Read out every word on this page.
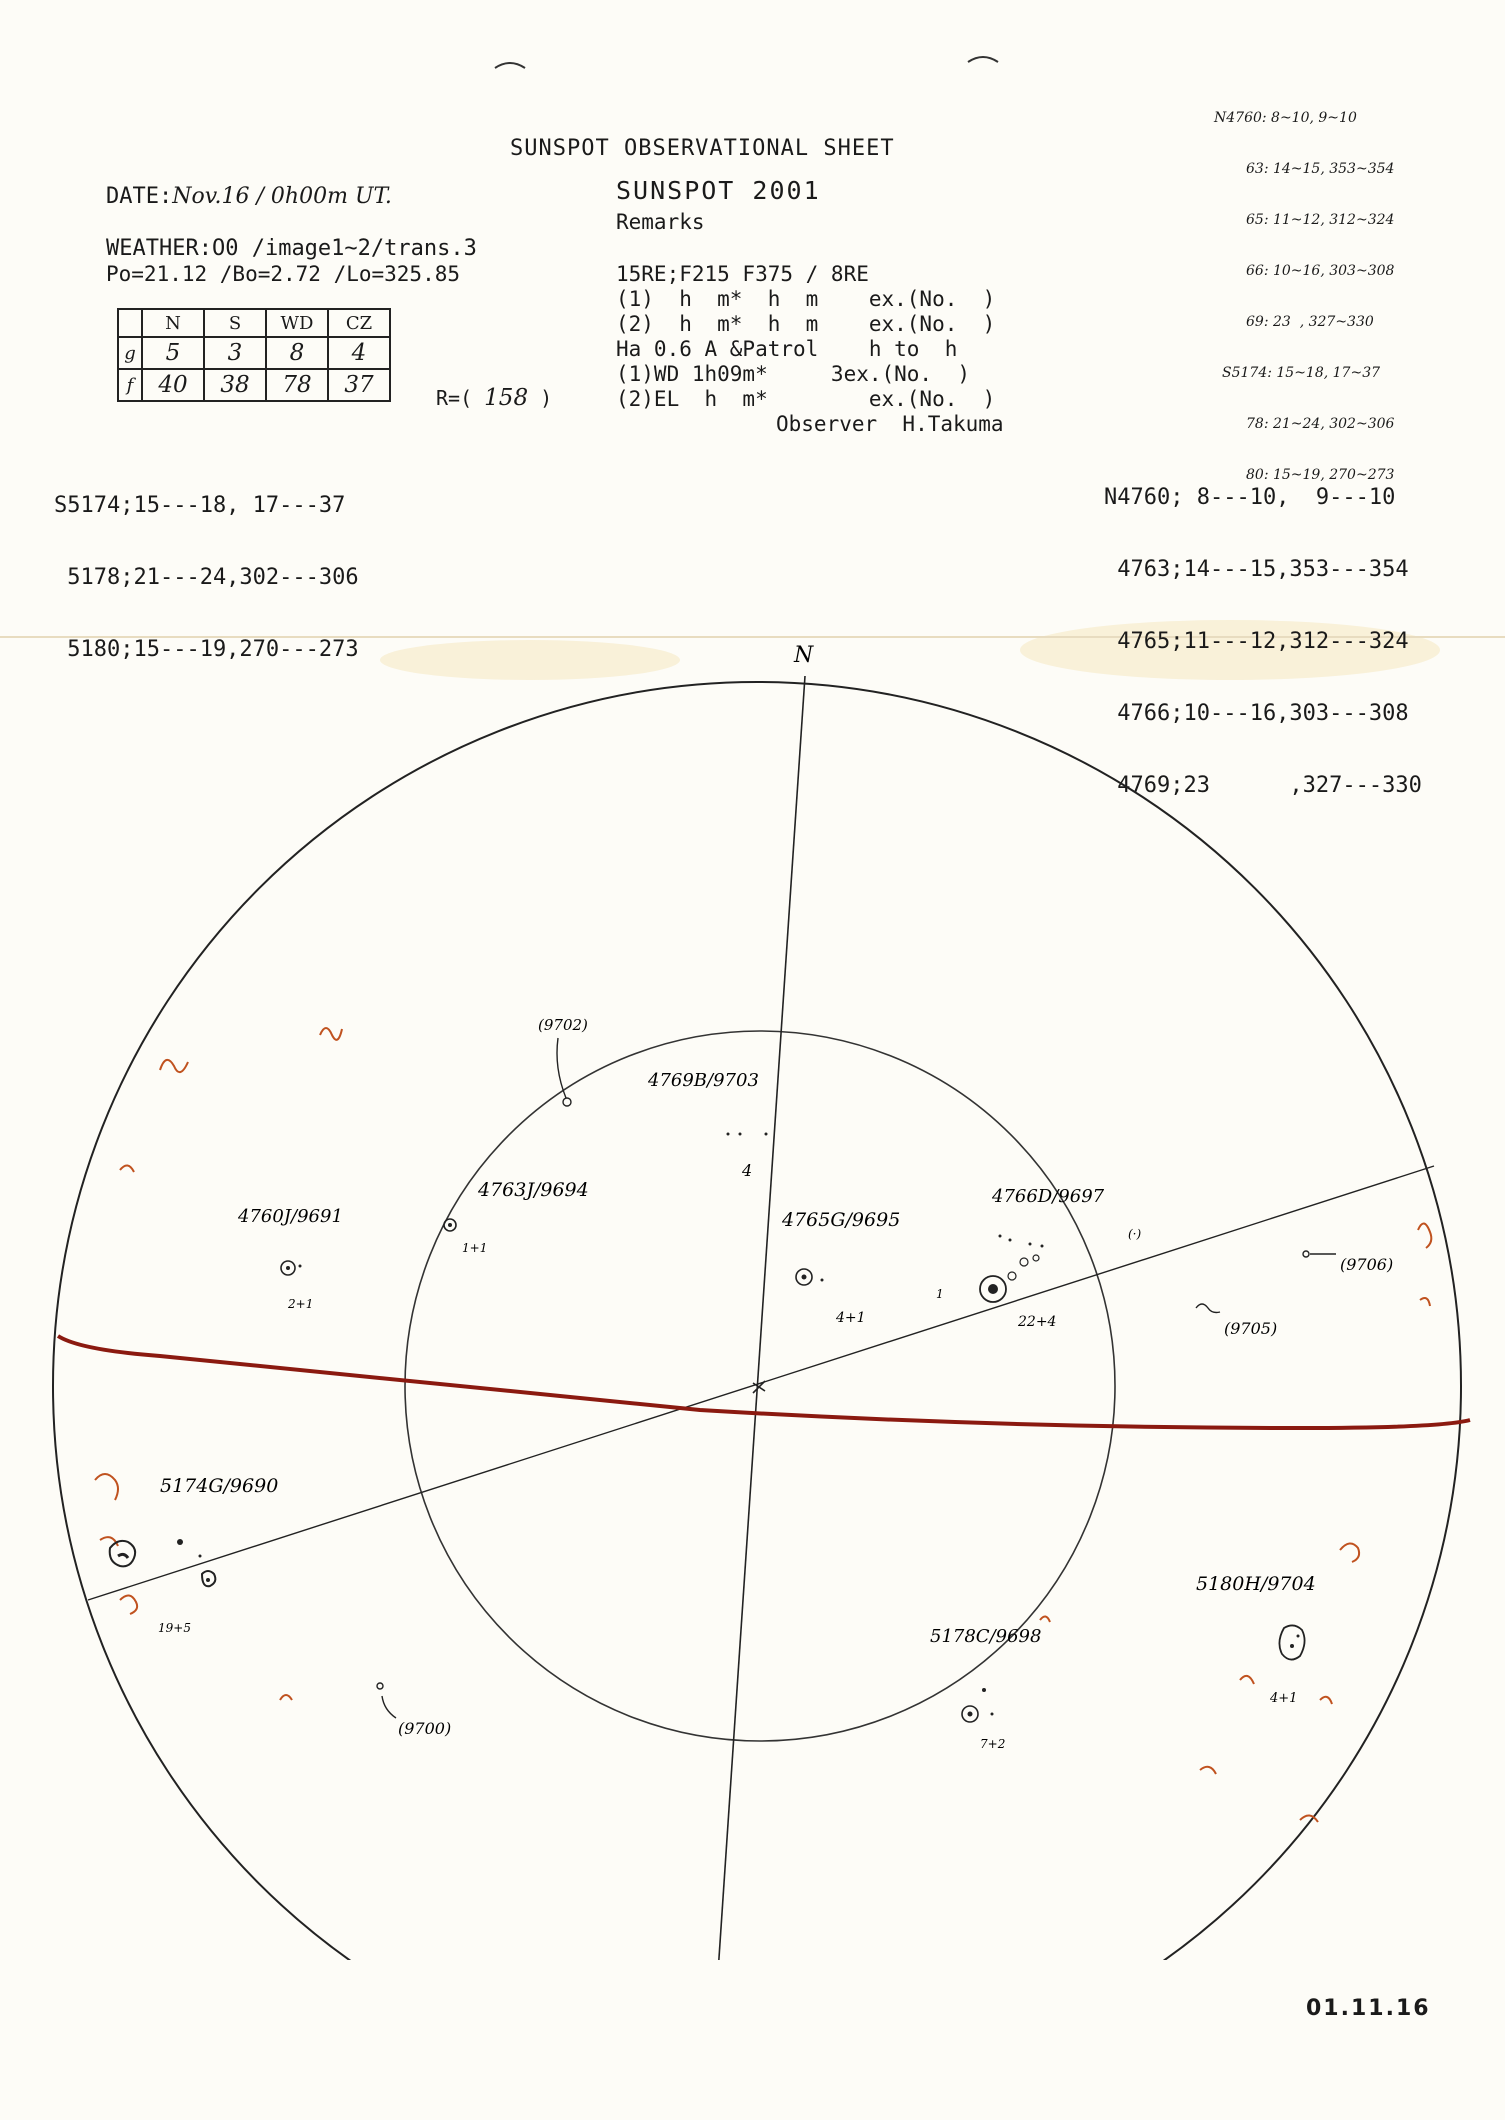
SUNSPOT OBSERVATIONAL SHEET
DATE:Nov.16 / 0h00m UT.
WEATHER:O0 /image1~2/trans.3
Po=21.12 /Bo=2.72 /Lo=325.85
SUNSPOT 2001
Remarks
15RE;F215 F375 / 8RE
(1)  h  m*  h  m    ex.(No.  )
(2)  h  m*  h  m    ex.(No.  )
Ha 0.6 A &Patrol    h to  h
(1)WD 1h09m*     3ex.(No.  )
(2)EL  h  m*        ex.(No.  )
Observer  H.Takuma
	N	S	WD	CZ
g	5	3	8	4
f	40	38	78	37	R=( 158 )

S5174;15---18, 17---37

5178;21---24,302---306

5180;15---19,270---273

N4760; 8---10,  9---10

4763;14---15,353---354

4765;11---12,312---324

4766;10---16,303---308

4769;23      ,327---330

N4760: 8~10, 9~10

63: 14~15, 353~354

65: 11~12, 312~324

66: 10~16, 303~308

69: 23  , 327~330

S5174: 15~18, 17~37

78: 21~24, 302~306

80: 15~19, 270~273

N
4760J/9691
2+1
4763J/9694
1+1
4769B/9703
4
4765G/9695
4+1
4766D/9697
22+4
1
(·)
5174G/9690
19+5	5178C/9698
7+2
5180H/9704
4+1
(9702)
(9706)
(9705)
(9700)
01.11.16
